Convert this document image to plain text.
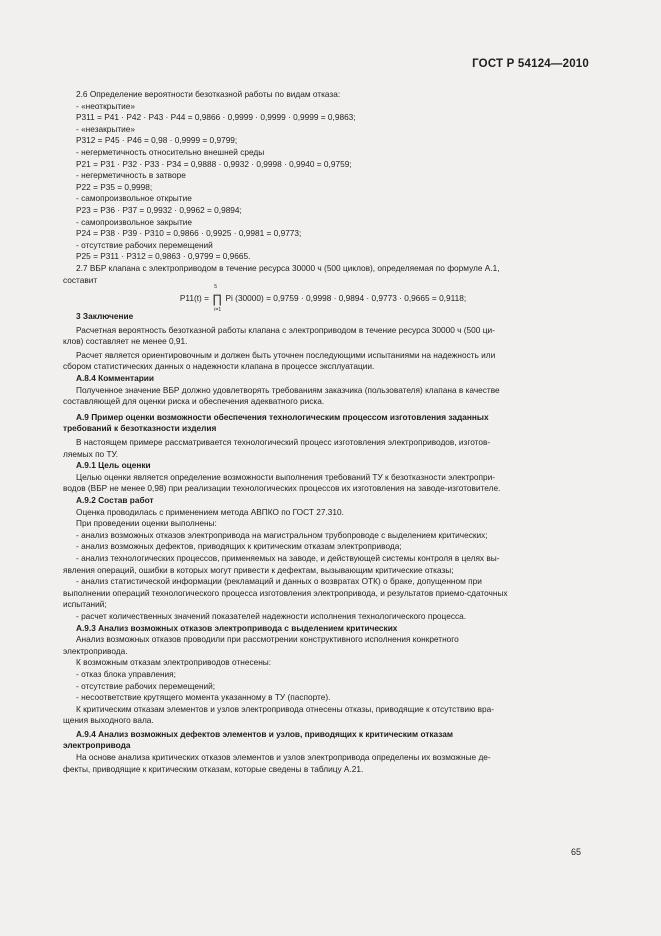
ГОСТ Р 54124—2010
2.6 Определение вероятности безотказной работы по видам отказа:
- «неоткрытие»
P311 = P41 · P42 · P43 · P44 = 0,9866 · 0,9999 · 0,9999 · 0,9999 = 0,9863;
- «незакрытие»
P312 = P45 · P46 = 0,98 · 0,9999 = 0,9799;
- негерметичность относительно внешней среды
P21 = P31 · P32 · P33 · P34 = 0,9888 · 0,9932 · 0,9998 · 0,9940 = 0,9759;
- негерметичность в затворе
P22 = P35 = 0,9998;
- самопроизвольное открытие
P23 = P36 · P37 = 0,9932 · 0,9962 = 0,9894;
- самопроизвольное закрытие
P24 = P38 · P39 · P310 = 0,9866 · 0,9925 · 0,9981 = 0,9773;
- отсутствие рабочих перемещений
P25 = P311 · P312 = 0,9863 · 0,9799 = 0,9665.
2.7 ВБР клапана с электроприводом в течение ресурса 30000 ч (500 циклов), определяемая по формуле А.1,
составит
P11(t) = ∏
5
i=1
Pi (30000) = 0,9759 · 0,9998 · 0,9894 · 0,9773 · 0,9665 = 0,9118;
3 Заключение
Расчетная вероятность безотказной работы клапана с электроприводом в течение ресурса 30000 ч (500 ци-
клов) составляет не менее 0,91.
Расчет является ориентировочным и должен быть уточнен последующими испытаниями на надежность или
сбором статистических данных о надежности клапана в процессе эксплуатации.
А.8.4 Комментарии
Полученное значение ВБР должно удовлетворять требованиям заказчика (пользователя) клапана в качестве
составляющей для оценки риска и обеспечения адекватного риска.
А.9 Пример оценки возможности обеспечения технологическим процессом изготовления заданных
требований к безотказности изделия
В настоящем примере рассматривается технологический процесс изготовления электроприводов, изготов-
ляемых по ТУ.
А.9.1 Цель оценки
Целью оценки является определение возможности выполнения требований ТУ к безотказности электропри-
водов (ВБР не менее 0,98) при реализации технологических процессов их изготовления на заводе-изготовителе.
А.9.2 Состав работ
Оценка проводилась с применением метода АВПКО по ГОСТ 27.310.
При проведении оценки выполнены:
- анализ возможных отказов электропривода на магистральном трубопроводе с выделением критических;
- анализ возможных дефектов, приводящих к критическим отказам электропривода;
- анализ технологических процессов, применяемых на заводе, и действующей системы контроля в целях вы-
явления операций, ошибки в которых могут привести к дефектам, вызывающим критические отказы;
- анализ статистической информации (рекламаций и данных о возвратах ОТК) о браке, допущенном при
выполнении операций технологического процесса изготовления электропривода, и результатов приемо-сдаточных
испытаний;
- расчет количественных значений показателей надежности исполнения технологического процесса.
А.9.3 Анализ возможных отказов электропривода с выделением критических
Анализ возможных отказов проводили при рассмотрении конструктивного исполнения конкретного
электропривода.
К возможным отказам электроприводов отнесены:
- отказ блока управления;
- отсутствие рабочих перемещений;
- несоответствие крутящего момента указанному в ТУ (паспорте).
К критическим отказам элементов и узлов электропривода отнесены отказы, приводящие к отсутствию вра-
щения выходного вала.
А.9.4 Анализ возможных дефектов элементов и узлов, приводящих к критическим отказам
электропривода
На основе анализа критических отказов элементов и узлов электропривода определены их возможные де-
фекты, приводящие к критическим отказам, которые сведены в таблицу А.21.
65
